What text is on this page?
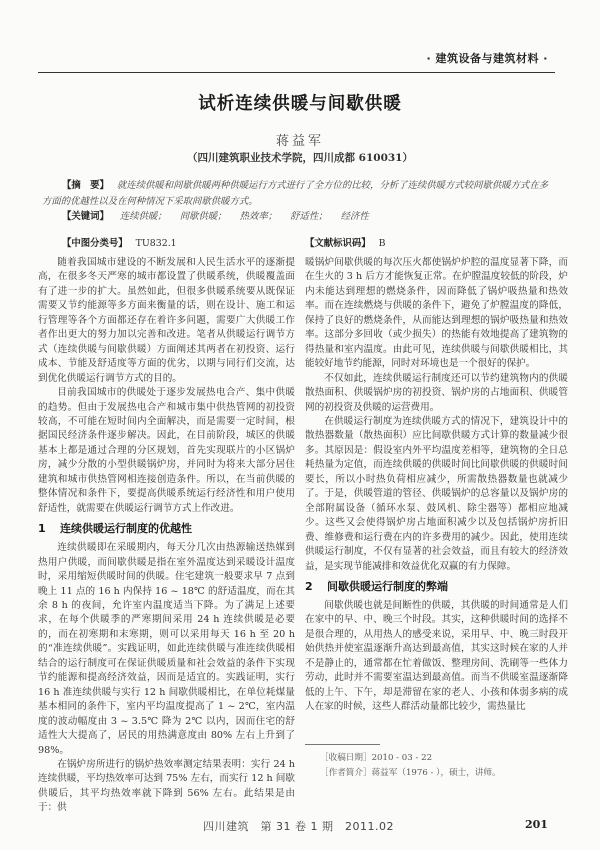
· 建筑设备与建筑材料 ·
试析连续供暖与间歇供暖
蒋益军
（四川建筑职业技术学院，四川成都 610031）
【摘　要】 就连续供暖和间歇供暖两种供暖运行方式进行了全方位的比较，分析了连续供暖方式较间歇供暖方式在多方面的优越性以及在何种情况下采取间歇供暖方式。
【关键词】 连续供暖； 间歇供暖； 热效率； 舒适性； 经济性
【中图分类号】 TU832.1	【文献标识码】 B

随着我国城市建设的不断发展和人民生活水平的逐渐提高，在很多冬天严寒的城市都设置了供暖系统，供暖覆盖面有了进一步的扩大。虽然如此，但很多供暖系统要从既保证需要又节约能源等多方面来衡量的话，则在设计、施工和运行管理等各个方面都还存在着许多问题，需要广大供暖工作者作出更大的努力加以完善和改进。笔者从供暖运行调节方式（连续供暖与间歇供暖）方面阐述其两者在初投资、运行成本、节能及舒适度等方面的优劣，以期与同行们交流，达到优化供暖运行调节方式的目的。

目前我国城市的供暖处于逐步发展热电合产、集中供暖的趋势。但由于发展热电合产和城市集中供热管网的初投资较高，不可能在短时间内全面解决，而是需要一定时间，根据国民经济条件逐步解决。因此，在目前阶段，城区的供暖基本上都是通过合理的分区规划，首先实现联片的小区锅炉房，减少分散的小型供暖锅炉房，并同时为将来大部分居住建筑和城市供热管网相连接创造条件。所以，在当前供暖的整体情况和条件下，要提高供暖系统运行经济性和用户使用舒适性，就需要在供暖运行调节方式上作改进。

1 连续供暖运行制度的优越性

连续供暖即在采暖期内，每天分几次由热源输送热媒到热用户供暖，而间歇供暖是指在室外温度达到采暖设计温度时，采用缩短供暖时间的供暖。住宅建筑一般要求早 7 点到晚上 11 点的 16 h 内保持 16 ~ 18℃ 的舒适温度，而在其余 8 h 的夜间，允许室内温度适当下降。为了满足上述要求，在每个供暖季的严寒期间采用 24 h 连续供暖是必要的，而在初寒期和末寒期，则可以采用每天 16 h 至 20 h 的“准连续供暖”。实践证明，如此连续供暖与准连续供暖相结合的运行制度可在保证供暖质量和社会效益的条件下实现节约能源和提高经济效益，因而是适宜的。实践证明，实行 16 h 准连续供暖与实行 12 h 间歇供暖相比，在单位耗煤量基本相同的条件下，室内平均温度提高了 1 ~ 2℃，室内温度的波动幅度由 3 ~ 3.5℃ 降为 2℃ 以内，因而住宅的舒适性大大提高了，居民的用热满意度由 80% 左右上升到了 98%。

在锅炉房所进行的锅炉热效率测定结果表明：实行 24 h 连续供暖，平均热效率可达到 75% 左右，而实行 12 h 间歇供暖后，其平均热效率就下降到 56% 左右。此结果是由于：供

暖锅炉间歇供暖的每次压火都使锅炉炉腔的温度显著下降，而在生火的 3 h 后方才能恢复正常。在炉膛温度较低的阶段，炉内未能达到理想的燃烧条件，因而降低了锅炉吸热量和热效率。而在连续燃烧与供暖的条件下，避免了炉膛温度的降低，保持了良好的燃烧条件，从而能达到理想的锅炉吸热量和热效率。这部分多回收（或少损失）的热能有效地提高了建筑物的得热量和室内温度。由此可见，连续供暖与间歇供暖相比，其能较好地节约能源，同时对环境也是一个很好的保护。

不仅如此，连续供暖运行制度还可以节约建筑物内的供暖散热面积、供暖锅炉房的初投资、锅炉房的占地面积、供暖管网的初投资及供暖的运营费用。

在供暖运行制度为连续供暖方式的情况下，建筑设计中的散热器数量（散热面积）应比间歇供暖方式计算的数量减少很多。其原因是：假设室内外平均温度差相等，建筑物的全日总耗热量为定值，而连续供暖的供暖时间比间歇供暖的供暖时间要长，所以小时热负荷相应减少，所需散热器数量也就减少了。于是，供暖管道的管径、供暖锅炉的总容量以及锅炉房的全部附属设备（循环水泵、鼓风机、除尘器等）都相应地减少。这些又会使得锅炉房占地面积减少以及包括锅炉房折旧费、维修费和运行费在内的许多费用的减少。因此，使用连续供暖运行制度，不仅有显著的社会效益，而且有较大的经济效益，是实现节能减排和效益优化双赢的有力保障。

2 间歇供暖运行制度的弊端

间歇供暖也就是间断性的供暖，其供暖的时间通常是人们在家中的早、中、晚三个时段。其实，这种供暖时间的选择不是很合理的，从用热人的感受来说，采用早、中、晚三时段开始供热并使室温逐渐升高达到最高值，其实这时候在家的人并不是静止的，通常都在忙着做饭、整理房间、洗刷等一些体力劳动，此时并不需要室温达到最高值。而当不供暖室温逐渐降低的上午、下午，却是滞留在家的老人、小孩和体弱多病的成人在家的时候，这些人群活动量都比较少，需热量比

［收稿日期］2010 - 03 - 22
［作者简介］蒋益军（1976 - ），硕士，讲师。
四川建筑　第 31 卷 1 期　2011.02	201
